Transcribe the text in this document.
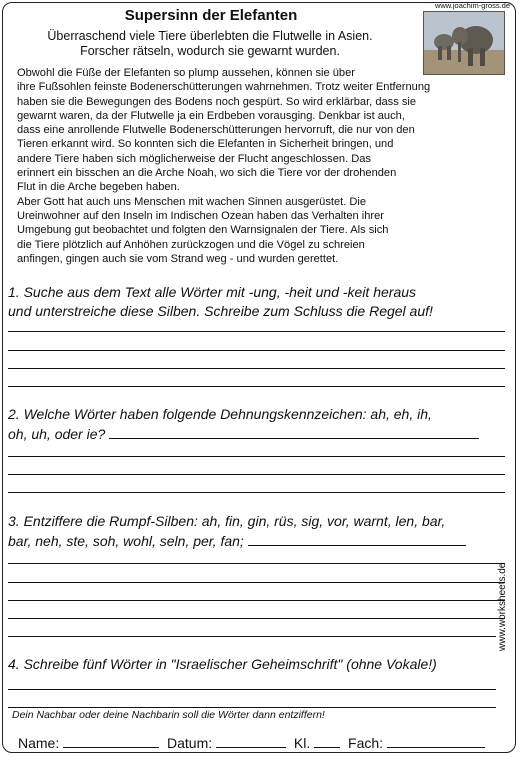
Supersinn der Elefanten
Überraschend viele Tiere überlebten die Flutwelle in Asien.
Forscher rätseln, wodurch sie gewarnt wurden.
www.joachim-gross.de
Obwohl die Füße der Elefanten so plump aussehen, können sie über
ihre Fußsohlen feinste Bodenerschütterungen wahrnehmen. Trotz weiter Entfernung
haben sie die Bewegungen des Bodens noch gespürt. So wird erklärbar, dass sie
gewarnt waren, da der Flutwelle ja ein Erdbeben vorausging. Denkbar ist auch,
dass eine anrollende Flutwelle Bodenerschütterungen hervorruft, die nur von den
Tieren erkannt wird. So konnten sich die Elefanten in Sicherheit bringen, und
andere Tiere haben sich möglicherweise der Flucht angeschlossen. Das
erinnert ein bisschen an die Arche Noah, wo sich die Tiere vor der drohenden
Flut in die Arche begeben haben.
Aber Gott hat auch uns Menschen mit wachen Sinnen ausgerüstet. Die
Ureinwohner auf den Inseln im Indischen Ozean haben das Verhalten ihrer
Umgebung gut beobachtet und folgten den Warnsignalen der Tiere. Als sich
die Tiere plötzlich auf Anhöhen zurückzogen und die Vögel zu schreien
anfingen, gingen auch sie vom Strand weg - und wurden gerettet.
1. Suche aus dem Text alle Wörter mit -ung, -heit und -keit heraus
und unterstreiche diese Silben. Schreibe zum Schluss die Regel auf!
2. Welche Wörter haben folgende Dehnungskennzeichen: ah, eh, ih,
oh, uh, oder ie?
3. Entziffere die Rumpf-Silben: ah, fin, gin, rüs, sig, vor, warnt, len, bar,
bar, neh, ste, soh, wohl, seln, per, fan;
4. Schreibe fünf Wörter in "Israelischer Geheimschrift" (ohne Vokale!)
Dein Nachbar oder deine Nachbarin soll die Wörter dann entziffern!
Name:	Datum:	Kl.	Fach:
www.worksheets.de
